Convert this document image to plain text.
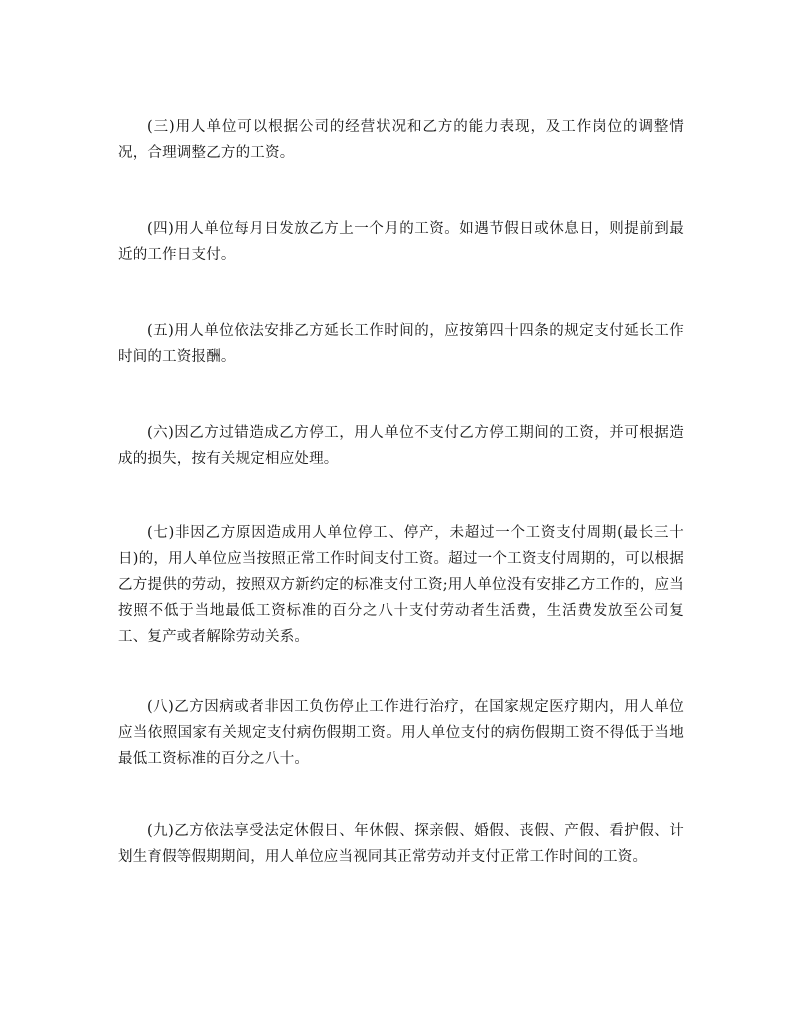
(三)用人单位可以根据公司的经营状况和乙方的能力表现，及工作岗位的调整情况，合理调整乙方的工资。

(四)用人单位每月日发放乙方上一个月的工资。如遇节假日或休息日，则提前到最近的工作日支付。

(五)用人单位依法安排乙方延长工作时间的，应按第四十四条的规定支付延长工作时间的工资报酬。

(六)因乙方过错造成乙方停工，用人单位不支付乙方停工期间的工资，并可根据造成的损失，按有关规定相应处理。

(七)非因乙方原因造成用人单位停工、停产，未超过一个工资支付周期(最长三十日)的，用人单位应当按照正常工作时间支付工资。超过一个工资支付周期的，可以根据乙方提供的劳动，按照双方新约定的标准支付工资;用人单位没有安排乙方工作的，应当按照不低于当地最低工资标准的百分之八十支付劳动者生活费，生活费发放至公司复工、复产或者解除劳动关系。

(八)乙方因病或者非因工负伤停止工作进行治疗，在国家规定医疗期内，用人单位应当依照国家有关规定支付病伤假期工资。用人单位支付的病伤假期工资不得低于当地最低工资标准的百分之八十。

(九)乙方依法享受法定休假日、年休假、探亲假、婚假、丧假、产假、看护假、计划生育假等假期期间，用人单位应当视同其正常劳动并支付正常工作时间的工资。
